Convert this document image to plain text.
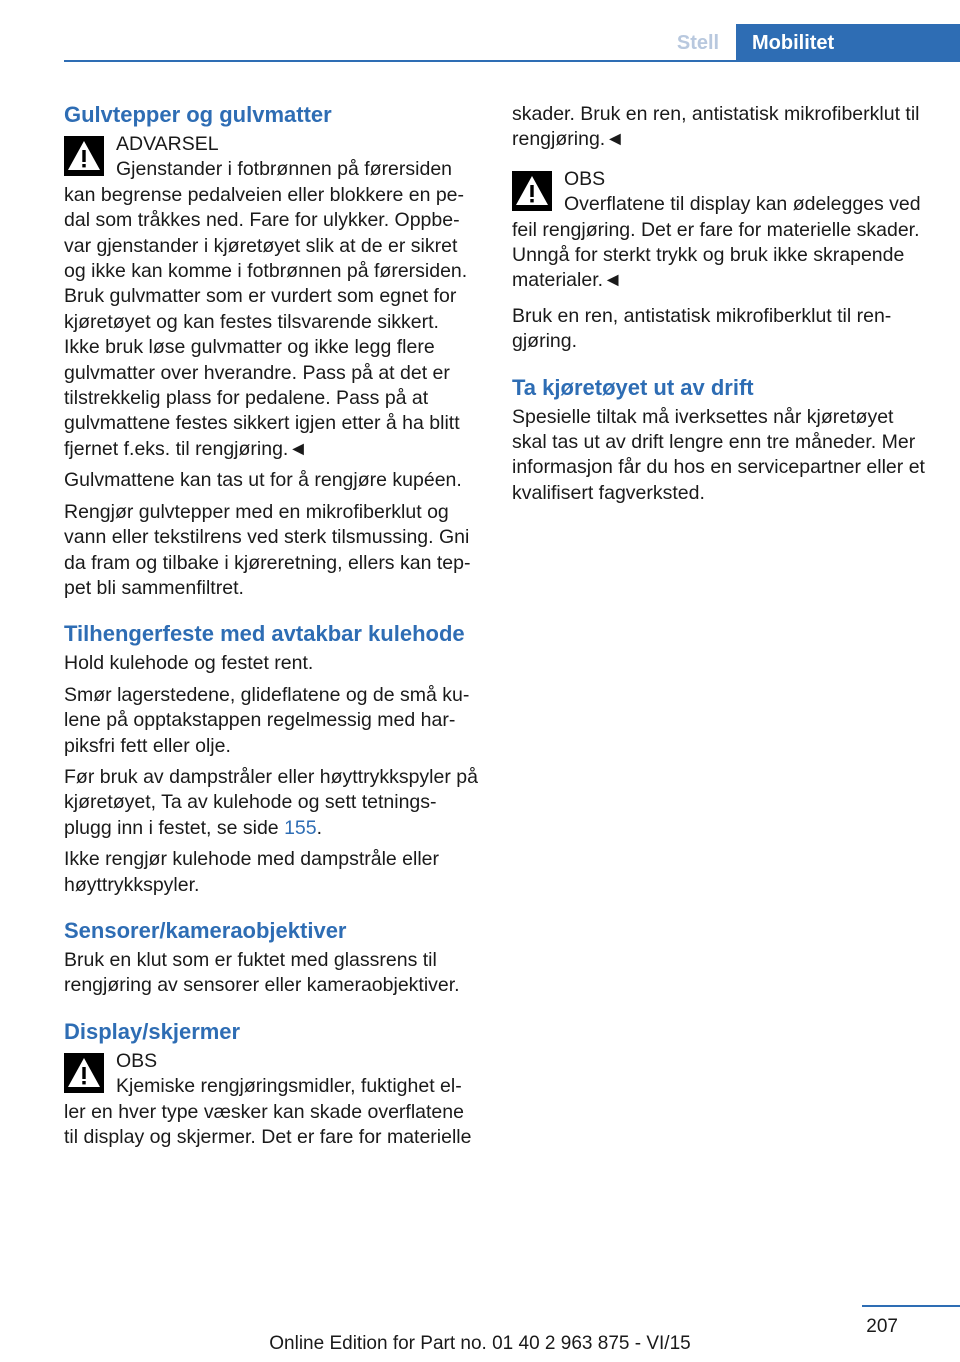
Stell	Mobilitet
Gulvtepper og gulvmatter
ADVARSEL
Gjenstander i fotbrønnen på førersiden kan begrense pedalveien eller blokkere en pe-dal som tråkkes ned. Fare for ulykker. Oppbe-var gjenstander i kjøretøyet slik at de er sikret og ikke kan komme i fotbrønnen på førersiden. Bruk gulvmatter som er vurdert som egnet for kjøretøyet og kan festes tilsvarende sikkert. Ikke bruk løse gulvmatter og ikke legg flere gulvmatter over hverandre. Pass på at det er tilstrekkelig plass for pedalene. Pass på at gulvmattene festes sikkert igjen etter å ha blitt fjernet f.eks. til rengjøring.◄

Gulvmattene kan tas ut for å rengjøre kupéen.

Rengjør gulvtepper med en mikrofiberklut og vann eller tekstilrens ved sterk tilsmussing. Gni da fram og tilbake i kjøreretning, ellers kan tep-pet bli sammenfiltret.

Tilhengerfeste med avtakbar kulehode

Hold kulehode og festet rent.

Smør lagerstedene, glideflatene og de små ku-lene på opptakstappen regelmessig med har-piksfri fett eller olje.

Før bruk av dampstråler eller høyttrykkspyler på kjøretøyet, Ta av kulehode og sett tetnings-plugg inn i festet, se side 155.

Ikke rengjør kulehode med dampstråle eller høyttrykkspyler.

Sensorer/kameraobjektiver

Bruk en klut som er fuktet med glassrens til rengjøring av sensorer eller kameraobjektiver.

Display/skjermer
OBS
Kjemiske rengjøringsmidler, fuktighet el-ler en hver type væsker kan skade overflatene til display og skjermer. Det er fare for materielle

skader. Bruk en ren, antistatisk mikrofiberklut til rengjøring.◄

OBS
Overflatene til display kan ødelegges ved feil rengjøring. Det er fare for materielle skader. Unngå for sterkt trykk og bruk ikke skrapende materialer.◄

Bruk en ren, antistatisk mikrofiberklut til ren-gjøring.

Ta kjøretøyet ut av drift

Spesielle tiltak må iverksettes når kjøretøyet skal tas ut av drift lengre enn tre måneder. Mer informasjon får du hos en servicepartner eller et kvalifisert fagverksted.

207
Online Edition for Part no. 01 40 2 963 875 - VI/15
